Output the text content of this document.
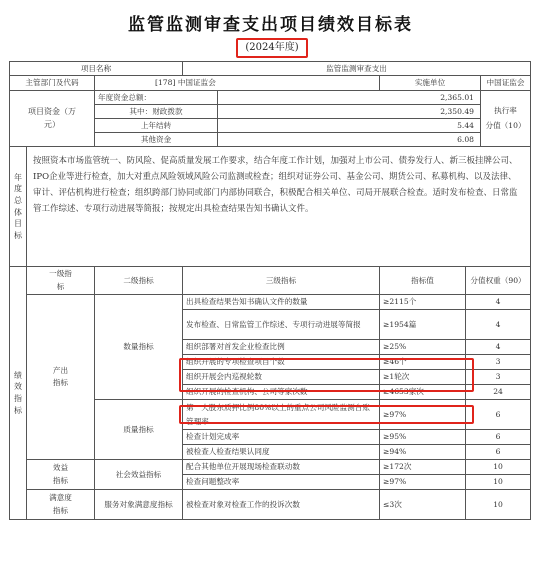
监管监测审查支出项目绩效目标表
(2024年度)
项目名称			监管监测审查支出				
主管部门及代码		[178] 中国证监会			实施单位		中国证监会

项目资金（万元）		年度资金总额：		2,365.01			执行率
分值（10）

		其中：财政拨款		2,350.49			
		上年结转		5.44			
		其他资金		6.08			

年度总体目标	按照资本市场监管统一、防风险、促高质量发展工作要求，结合年度工作计划，加强对上市公司、债券发行人、新三板挂牌公司、IPO企业等进行检查，加大对重点风险领域风险公司监测或检查；组织对证券公司、基金公司、期货公司、私募机构、以及法律、审计、评估机构进行检查；组织跨部门协同或部门内部协同联合，积极配合相关单位、司局开展联合检查。适时发布检查、日常监管工作综述、专项行动进展等简报；按规定出具检查结果告知书确认文件。						

绩效指标	一级指标	二级指标	三级指标		指标值	分值权重（90）	

	产出指标	数量指标	出具检查结果告知书确认文件的数量		≥2115个	4	
			发布检查、日常监管工作综述、专项行动进展等简报		≥1954篇	4	
			组织部署对首发企业检查比例		≥25%	4	
			组织开展的专项检查项目个数		≥46个	3	
			组织开展会内巡视轮数		≥1轮次	3	
			组织开展的检查机构、公司等家次数		≥4653家次	24	
		质量指标	第一大股东质押比例80%以上的重点公司风险监测台账管理率		≥97%	6	
			检查计划完成率		≥95%	6	
			被检查人检查结果认同度		≥94%	6	

	效益指标	社会效益指标	配合其他单位开展现场检查联动数		≥172次	10	
			检查问题整改率		≥97%	10	

	满意度指标	服务对象满意度指标	被检查对象对检查工作的投诉次数		≤3次	10	
